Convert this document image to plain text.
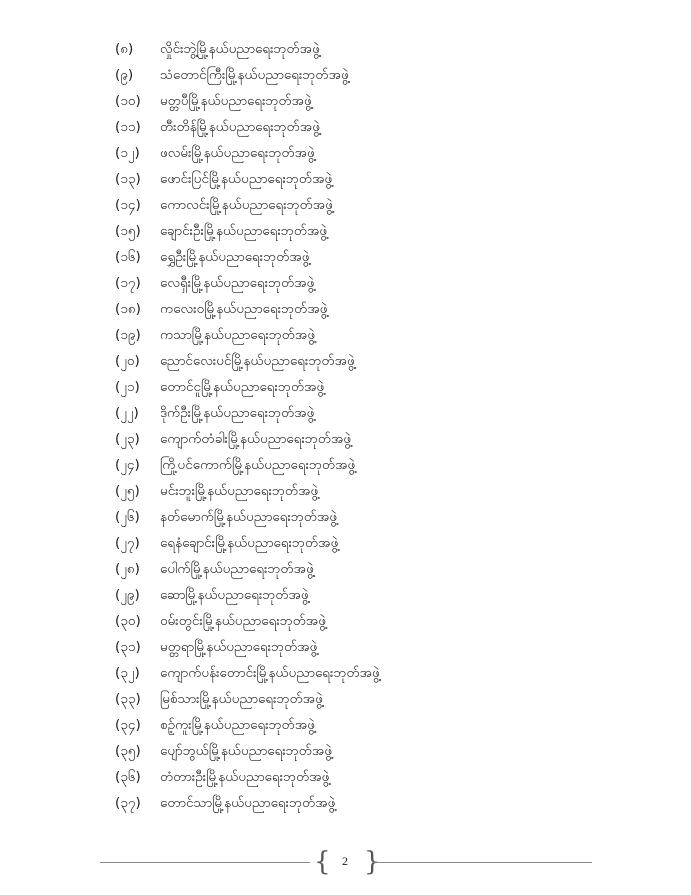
(၈)	လှိုင်းဘွဲ့မြို့နယ်ပညာရေးဘုတ်အဖွဲ့
(၉)	သံတောင်ကြီးမြို့နယ်ပညာရေးဘုတ်အဖွဲ့
(၁၀)	မတ္တပီမြို့နယ်ပညာရေးဘုတ်အဖွဲ့
(၁၁)	တီးတိန်မြို့နယ်ပညာရေးဘုတ်အဖွဲ့
(၁၂)	ဖလမ်းမြို့နယ်ပညာရေးဘုတ်အဖွဲ့
(၁၃)	ဖောင်းပြင်မြို့နယ်ပညာရေးဘုတ်အဖွဲ့
(၁၄)	ကောလင်းမြို့နယ်ပညာရေးဘုတ်အဖွဲ့
(၁၅)	ချောင်းဦးမြို့နယ်ပညာရေးဘုတ်အဖွဲ့
(၁၆)	ရွှေဦးမြို့နယ်ပညာရေးဘုတ်အဖွဲ့
(၁၇)	လေရှီးမြို့နယ်ပညာရေးဘုတ်အဖွဲ့
(၁၈)	ကလေးဝမြို့နယ်ပညာရေးဘုတ်အဖွဲ့
(၁၉)	ကသာမြို့နယ်ပညာရေးဘုတ်အဖွဲ့
(၂၀)	ညောင်လေးပင်မြို့နယ်ပညာရေးဘုတ်အဖွဲ့
(၂၁)	တောင်ငူမြို့နယ်ပညာရေးဘုတ်အဖွဲ့
(၂၂)	ဒိုက်ဦးမြို့နယ်ပညာရေးဘုတ်အဖွဲ့
(၂၃)	ကျောက်တံခါးမြို့နယ်ပညာရေးဘုတ်အဖွဲ့
(၂၄)	ကြို့ပင်ကောက်မြို့နယ်ပညာရေးဘုတ်အဖွဲ့
(၂၅)	မင်းဘူးမြို့နယ်ပညာရေးဘုတ်အဖွဲ့
(၂၆)	နတ်မောက်မြို့နယ်ပညာရေးဘုတ်အဖွဲ့
(၂၇)	ရေနံချောင်းမြို့နယ်ပညာရေးဘုတ်အဖွဲ့
(၂၈)	ပေါက်မြို့နယ်ပညာရေးဘုတ်အဖွဲ့
(၂၉)	ဆောမြို့နယ်ပညာရေးဘုတ်အဖွဲ့
(၃၀)	ဝမ်းတွင်းမြို့နယ်ပညာရေးဘုတ်အဖွဲ့
(၃၁)	မတ္တရာမြို့နယ်ပညာရေးဘုတ်အဖွဲ့
(၃၂)	ကျောက်ပန်းတောင်းမြို့နယ်ပညာရေးဘုတ်အဖွဲ့
(၃၃)	မြစ်သားမြို့နယ်ပညာရေးဘုတ်အဖွဲ့
(၃၄)	စဉ့်ကူးမြို့နယ်ပညာရေးဘုတ်အဖွဲ့
(၃၅)	ပျော်ဘွယ်မြို့နယ်ပညာရေးဘုတ်အဖွဲ့
(၃၆)	တံတားဦးမြို့နယ်ပညာရေးဘုတ်အဖွဲ့
(၃၇)	တောင်သာမြို့နယ်ပညာရေးဘုတ်အဖွဲ့
{ 2 }
